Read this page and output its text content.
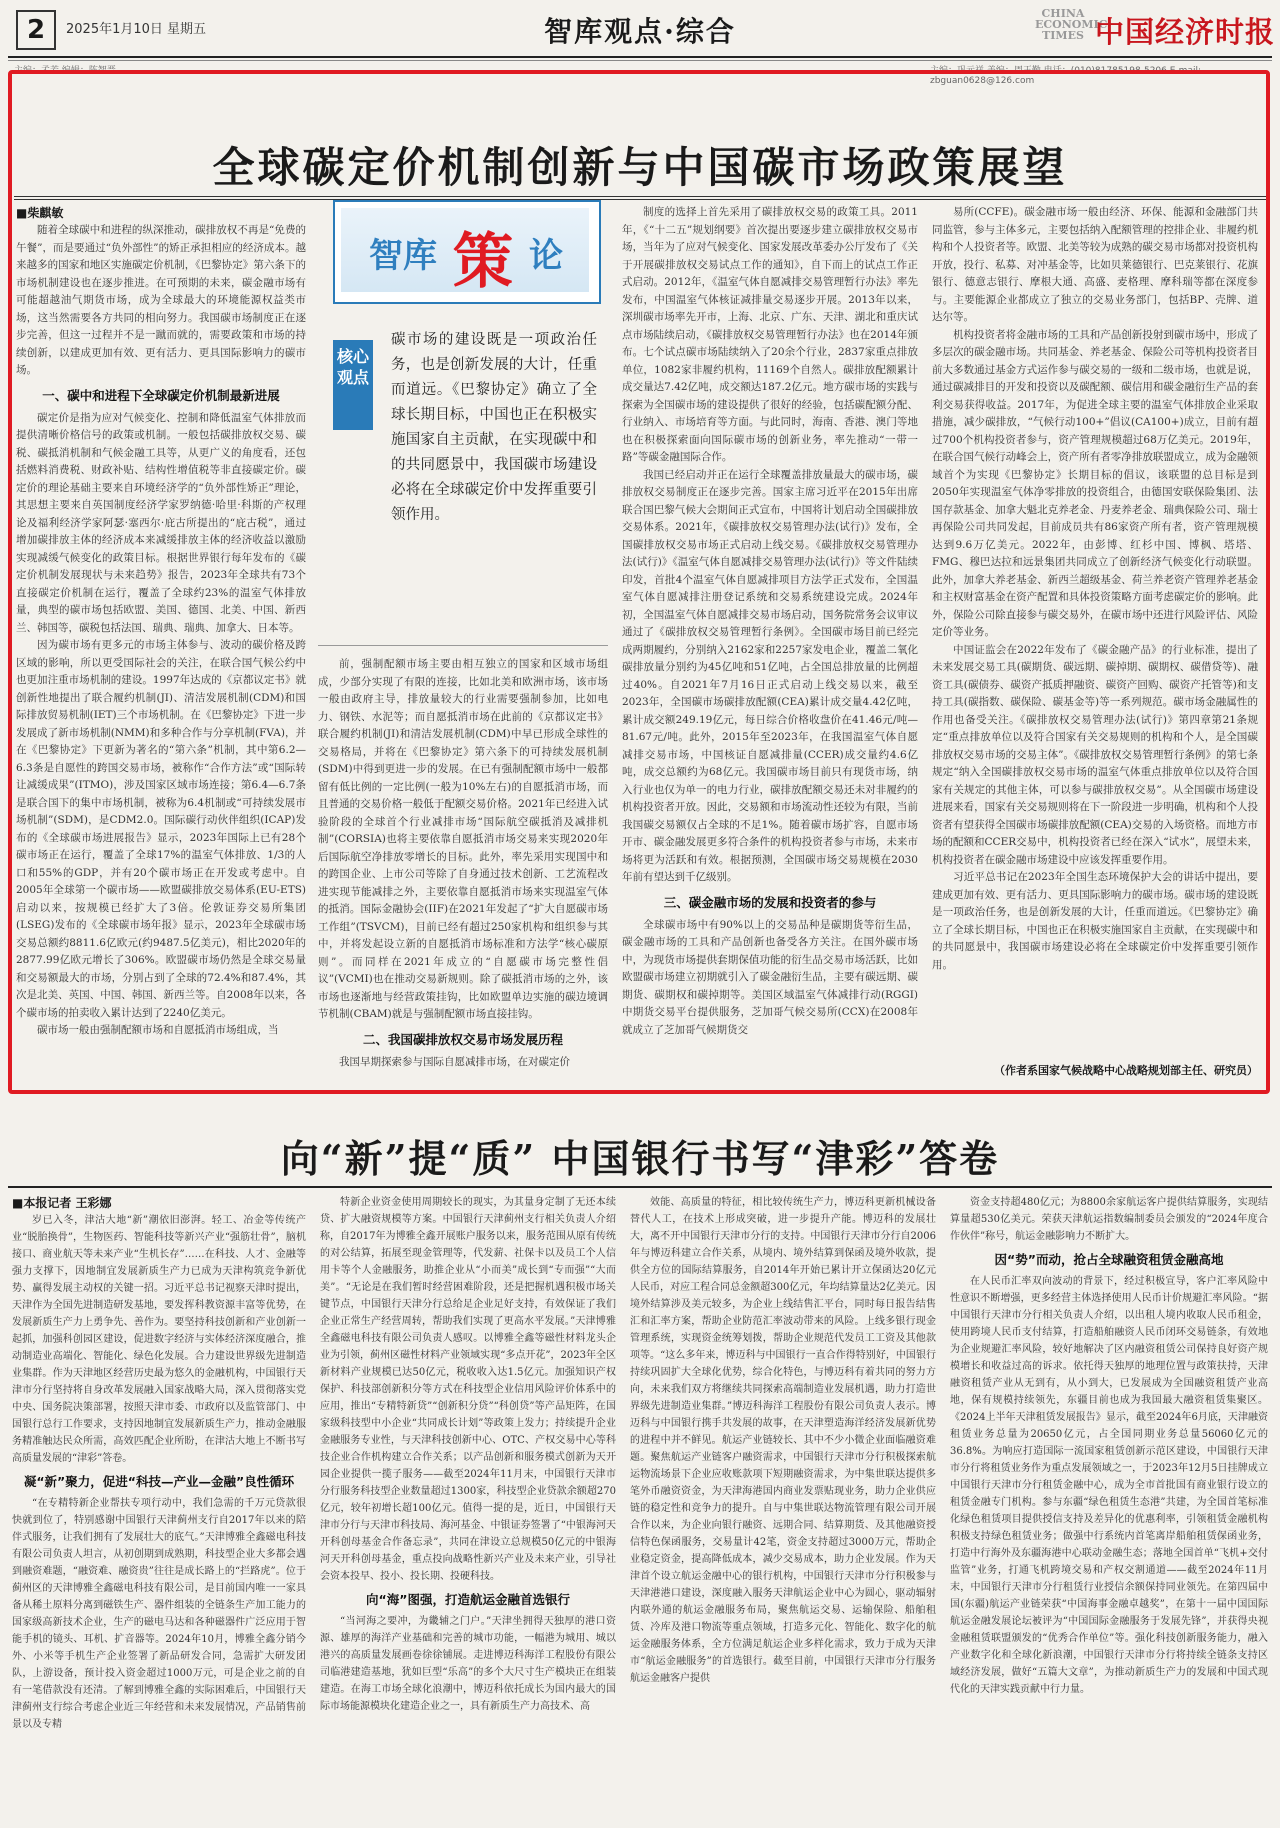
2	2025年1月10日 星期五	智库观点·综合
CHINA ECONOMIC TIMES 中国经济时报
主编：孟芳 编辑：陈智晋	主编：巩元祥 美编：周玉勤 电话：(010)81785198-5206 E-mail: zbguan0628@126.com
全球碳定价机制创新与中国碳市场政策展望
■柴麒敏

随着全球碳中和进程的纵深推动，碳排放权不再是“免费的午餐”，而是要通过“负外部性”的矫正承担相应的经济成本。越来越多的国家和地区实施碳定价机制，《巴黎协定》第六条下的市场机制建设也在逐步推进。在可预期的未来，碳金融市场有可能超越油气期货市场，成为全球最大的环境能源权益类市场，这当然需要各方共同的相向努力。我国碳市场制度正在逐步完善，但这一过程并不是一蹴而就的，需要政策和市场的持续创新，以建成更加有效、更有活力、更具国际影响力的碳市场。

一、碳中和进程下全球碳定价机制最新进展

碳定价是指为应对气候变化、控制和降低温室气体排放而提供清晰价格信号的政策或机制。一般包括碳排放权交易、碳税、碳抵消机制和气候金融工具等，从更广义的角度看，还包括燃料消费税、财政补贴、结构性增值税等非直接碳定价。碳定价的理论基础主要来自环境经济学的“负外部性矫正”理论，其思想主要来自英国制度经济学家罗纳德·哈里·科斯的产权理论及福利经济学家阿瑟·塞西尔·庇古所提出的“庇古税”，通过增加碳排放主体的经济成本来减缓排放主体的经济收益以激励实现减缓气候变化的政策目标。根据世界银行每年发布的《碳定价机制发展现状与未来趋势》报告，2023年全球共有73个直接碳定价机制在运行，覆盖了全球约23%的温室气体排放量，典型的碳市场包括欧盟、美国、德国、北美、中国、新西兰、韩国等，碳税包括法国、瑞典、瑞典、加拿大、日本等。

因为碳市场有更多元的市场主体参与、波动的碳价格及跨区域的影响，所以更受国际社会的关注，在联合国气候公约中也更加注重市场机制的建设。1997年达成的《京都议定书》就创新性地提出了联合履约机制(JI)、清洁发展机制(CDM)和国际排放贸易机制(IET)三个市场机制。在《巴黎协定》下进一步发展成了新市场机制(NMM)和多种合作与分享机制(FVA)，并在《巴黎协定》下更新为著名的“第六条”机制，其中第6.2—6.3条是自愿性的跨国交易市场，被称作“合作方法”或“国际转让减缓成果”(ITMO)，涉及国家区域市场连接；第6.4—6.7条是联合国下的集中市场机制，被称为6.4机制或“可持续发展市场机制”(SDM)，是CDM2.0。国际碳行动伙伴组织(ICAP)发布的《全球碳市场进展报告》显示，2023年国际上已有28个碳市场正在运行，覆盖了全球17%的温室气体排放、1/3的人口和55%的GDP，并有20个碳市场正在开发或考虑中。自2005年全球第一个碳市场——欧盟碳排放交易体系(EU-ETS)启动以来，按规模已经扩大了3倍。伦敦证券交易所集团(LSEG)发布的《全球碳市场年报》显示，2023年全球碳市场交易总额约8811.6亿欧元(约9487.5亿美元)，相比2020年的2877.99亿欧元增长了306%。欧盟碳市场仍然是全球交易量和交易额最大的市场，分别占到了全球的72.4%和87.4%，其次是北美、英国、中国、韩国、新西兰等。自2008年以来，各个碳市场的拍卖收入累计达到了2240亿美元。

碳市场一般由强制配额市场和自愿抵消市场组成，当

智库 策 论
核心观点
碳市场的建设既是一项政治任务，也是创新发展的大计，任重而道远。《巴黎协定》确立了全球长期目标，中国也正在积极实施国家自主贡献，在实现碳中和的共同愿景中，我国碳市场建设必将在全球碳定价中发挥重要引领作用。

前，强制配额市场主要由相互独立的国家和区域市场组成，少部分实现了有限的连接，比如北美和欧洲市场，该市场一般由政府主导，排放量较大的行业需要强制参加，比如电力、钢铁、水泥等；而自愿抵消市场在此前的《京都议定书》联合履约机制(JI)和清洁发展机制(CDM)中早已形成全球性的交易格局，并将在《巴黎协定》第六条下的可持续发展机制(SDM)中得到更进一步的发展。在已有强制配额市场中一般都留有低比例的一定比例(一般为10%左右)的自愿抵消市场，而且普通的交易价格一般低于配额交易价格。2021年已经进入试验阶段的全球首个行业减排市场“国际航空碳抵消及减排机制”(CORSIA)也将主要依靠自愿抵消市场交易来实现2020年后国际航空净排放零增长的目标。此外，率先采用实现国中和的跨国企业、上市公司等除了自身通过技术创新、工艺流程改进实现节能减排之外，主要依靠自愿抵消市场来实现温室气体的抵消。国际金融协会(IIF)在2021年发起了“扩大自愿碳市场工作组”(TSVCM)，目前已经有超过250家机构和组织参与其中，并将发起设立新的自愿抵消市场标准和方法学“核心碳原则”。而同样在2021年成立的“自愿碳市场完整性倡议”(VCMI)也在推动交易新规则。除了碳抵消市场的之外，该市场也逐渐地与经营政策挂钩，比如欧盟单边实施的碳边境调节机制(CBAM)就是与强制配额市场直接挂钩。

二、我国碳排放权交易市场发展历程

我国早期探索参与国际自愿减排市场，在对碳定价

制度的选择上首先采用了碳排放权交易的政策工具。2011年，《“十二五”规划纲要》首次提出要逐步建立碳排放权交易市场，当年为了应对气候变化、国家发展改革委办公厅发布了《关于开展碳排放权交易试点工作的通知》，自下而上的试点工作正式启动。2012年，《温室气体自愿减排交易管理暂行办法》率先发布，中国温室气体核证减排量交易逐步开展。2013年以来，深圳碳市场率先开市，上海、北京、广东、天津、湖北和重庆试点市场陆续启动，《碳排放权交易管理暂行办法》也在2014年颁布。七个试点碳市场陆续纳入了20余个行业，2837家重点排放单位，1082家非履约机构，11169个自然人。碳排放配额累计成交量达7.42亿吨，成交额达187.2亿元。地方碳市场的实践与探索为全国碳市场的建设提供了很好的经验，包括碳配额分配、行业纳入、市场培育等方面。与此同时，海南、香港、澳门等地也在积极探索面向国际碳市场的创新业务，率先推动“一带一路”等碳金融国际合作。

我国已经启动并正在运行全球覆盖排放量最大的碳市场，碳排放权交易制度正在逐步完善。国家主席习近平在2015年出席联合国巴黎气候大会期间正式宣布，中国将计划启动全国碳排放交易体系。2021年，《碳排放权交易管理办法(试行)》发布，全国碳排放权交易市场正式启动上线交易。《碳排放权交易管理办法(试行)》《温室气体自愿减排交易管理办法(试行)》等文件陆续印发，首批4个温室气体自愿减排项目方法学正式发布，全国温室气体自愿减排注册登记系统和交易系统建设完成。2024年初，全国温室气体自愿减排交易市场启动，国务院常务会议审议通过了《碳排放权交易管理暂行条例》。全国碳市场目前已经完成两期履约，分别纳入2162家和2257家发电企业，覆盖二氧化碳排放量分别约为45亿吨和51亿吨，占全国总排放量的比例超过40%。自2021年7月16日正式启动上线交易以来，截至2023年，全国碳市场碳排放配额(CEA)累计成交量4.42亿吨，累计成交额249.19亿元，每日综合价格收盘价在41.46元/吨—81.67元/吨。此外，2015年至2023年，在我国温室气体自愿减排交易市场，中国核证自愿减排量(CCER)成交量约4.6亿吨，成交总额约为68亿元。我国碳市场目前只有现货市场，纳入行业也仅为单一的电力行业，碳排放配额交易还未对非履约的机构投资者开放。因此，交易额和市场流动性还较为有限，当前我国碳交易额仅占全球的不足1%。随着碳市场扩容，自愿市场开市、碳金融发展更多符合条件的机构投资者参与市场，未来市场将更为活跃和有效。根据预测，全国碳市场交易规模在2030年前有望达到千亿级别。

三、碳金融市场的发展和投资者的参与

全球碳市场中有90%以上的交易品种是碳期货等衍生品，碳金融市场的工具和产品创新也备受各方关注。在国外碳市场中，为现货市场提供套期保值功能的衍生品交易市场活跃，比如欧盟碳市场建立初期就引入了碳金融衍生品，主要有碳远期、碳期货、碳期权和碳掉期等。美国区域温室气体减排行动(RGGI)中期货交易平台提供服务，芝加哥气候交易所(CCX)在2008年就成立了芝加哥气候期货交

易所(CCFE)。碳金融市场一般由经济、环保、能源和金融部门共同监管，参与主体多元，主要包括纳入配额管理的控排企业、非履约机构和个人投资者等。欧盟、北美等较为成熟的碳交易市场都对投资机构开放，投行、私募、对冲基金等，比如贝莱德银行、巴克莱银行、花旗银行、德意志银行、摩根大通、高盛、麦格理、摩科瑞等都在深度参与。主要能源企业都成立了独立的交易业务部门，包括BP、壳牌、道达尔等。

机构投资者将金融市场的工具和产品创新投射到碳市场中，形成了多层次的碳金融市场。共同基金、养老基金、保险公司等机构投资者目前大多数通过基金方式运作参与碳交易的一级和二级市场，也就是说，通过碳减排目的开发和投资以及碳配额、碳信用和碳金融衍生产品的套利交易获得收益。2017年，为促进全球主要的温室气体排放企业采取措施，减少碳排放，“气候行动100+”倡议(CA100+)成立，目前有超过700个机构投资者参与，资产管理规模超过68万亿美元。2019年，在联合国气候行动峰会上，资产所有者零净排放联盟成立，成为金融领域首个为实现《巴黎协定》长期目标的倡议，该联盟的总目标是到2050年实现温室气体净零排放的投资组合，由德国安联保险集团、法国存款基金、加拿大魁北克养老金、丹麦养老金、瑞典保险公司、瑞士再保险公司共同发起，目前成员共有86家资产所有者，资产管理规模达到9.6万亿美元。2022年，由彭博、红杉中国、博枫、塔塔、FMG、穆巴达拉和远景集团共同成立了创新经济气候变化行动联盟。此外，加拿大养老基金、新西兰超级基金、荷兰养老资产管理养老基金和主权财富基金在资产配置和具体投资策略方面考虑碳定价的影响。此外，保险公司除直接参与碳交易外，在碳市场中还进行风险评估、风险定价等业务。

中国证监会在2022年发布了《碳金融产品》的行业标准，提出了未来发展交易工具(碳期货、碳远期、碳掉期、碳期权、碳借贷等)、融资工具(碳债券、碳资产抵质押融资、碳资产回购、碳资产托管等)和支持工具(碳指数、碳保险、碳基金等)等一系列规范。碳市场金融属性的作用也备受关注。《碳排放权交易管理办法(试行)》第四章第21条规定“重点排放单位以及符合国家有关交易规则的机构和个人，是全国碳排放权交易市场的交易主体”。《碳排放权交易管理暂行条例》的第七条规定“纳入全国碳排放权交易市场的温室气体重点排放单位以及符合国家有关规定的其他主体，可以参与碳排放权交易”。从全国碳市场建设进展来看，国家有关交易规则将在下一阶段进一步明确，机构和个人投资者有望获得全国碳市场碳排放配额(CEA)交易的入场资格。而地方市场的配额和CCER交易中，机构投资者已经在深入“试水”，展望未来，机构投资者在碳金融市场建设中应该发挥重要作用。

习近平总书记在2023年全国生态环境保护大会的讲话中提出，要建成更加有效、更有活力、更具国际影响力的碳市场。碳市场的建设既是一项政治任务，也是创新发展的大计，任重而道远。《巴黎协定》确立了全球长期目标，中国也正在积极实施国家自主贡献，在实现碳中和的共同愿景中，我国碳市场建设必将在全球碳定价中发挥重要引领作用。

（作者系国家气候战略中心战略规划部主任、研究员）
向“新”提“质” 中国银行书写“津彩”答卷
■本报记者 王彩娜

岁已入冬，津沽大地“新”潮依旧澎湃。轻工、冶金等传统产业“脱胎换骨”，生物医药、智能科技等新兴产业“强筋壮骨”，脑机接口、商业航天等未来产业“生机长存”……在科技、人才、金融等强力支撑下，因地制宜发展新质生产力已成为天津构筑竞争新优势、赢得发展主动权的关键一招。习近平总书记视察天津时提出，天津作为全国先进制造研发基地，要发挥科教资源丰富等优势，在发展新质生产力上勇争先、善作为。要坚持科技创新和产业创新一起抓，加强科创园区建设，促进数字经济与实体经济深度融合，推动制造业高端化、智能化、绿色化发展。合力建设世界级先进制造业集群。作为天津地区经营历史最为悠久的金融机构，中国银行天津市分行坚持将自身改革发展融入国家战略大局，深入贯彻落实党中央、国务院决策部署，按照天津市委、市政府以及监管部门、中国银行总行工作要求，支持因地制宜发展新质生产力，推动金融服务精准触达民众所需，高效匹配企业所盼，在津沽大地上不断书写高质量发展的“津彩”答卷。

凝“新”聚力，促进“科技—产业—金融”良性循环

“在专精特新企业帮扶专项行动中，我们急需的千万元贷款很快就到位了，特别感谢中国银行天津蓟州支行自2017年以来的陪伴式服务，让我们拥有了发展壮大的底气。”天津博雅全鑫磁电科技有限公司负责人坦言，从初创期到成熟期，科技型企业大多都会遇到融资难题，“融资难、融资贵”往往是成长路上的“拦路虎”。位于蓟州区的天津博雅全鑫磁电科技有限公司，是目前国内唯一一家具备从稀土原料分离到磁铁生产、器件组装的全链条生产加工能力的国家级高新技术企业，生产的磁电马达和各种磁器件广泛应用于智能手机的镜头、耳机、扩音器等。2024年10月，博雅全鑫分销今外、小米等手机生产企业签署了新品研发合同，急需扩大研发团队，上游设备，预计投入资金超过1000万元，可是企业之前的自有一笔借款没有还清。了解到博雅全鑫的实际困难后，中国银行天津蓟州支行综合考虑企业近三年经营和未来发展情况，产品销售前景以及专精

特新企业资金使用周期较长的现实，为其量身定制了无还本续贷、扩大融资规模等方案。中国银行天津蓟州支行相关负责人介绍称，自2017年为博雅全鑫开展账户服务以来，服务范围从原有传统的对公结算，拓展至现金管理等，代发薪、社保卡以及员工个人信用卡等个人金融服务，助推企业从“小而美”成长到“专而强”“大而美”。“无论是在我们暂时经营困难阶段，还是把握机遇积极市场关键节点，中国银行天津分行总给足企业足好支持，有效保证了我们企业正常生产经营周转，帮助我们实现了更高水平发展。”天津博雅全鑫磁电科技有限公司负责人感叹。以博雅全鑫等磁性材料龙头企业为引领，蓟州区磁性材料产业领域实现“多点开花”，2023年全区新材料产业规模已达50亿元，税收收入达1.5亿元。加强知识产权保护、科技部创新积分等方式在科技型企业信用风险评价体系中的应用，推出“专精特新贷”“创新积分贷”“科创贷”等产品矩阵，在国家级科技型中小企业“共同成长计划”等政策上发力；持续提升企业金融服务专业性，与天津科技创新中心、OTC、产权交易中心等科技企业合作机构建立合作关系；以产品创新和服务模式创新为天开园企业提供一揽子服务——截至2024年11月末，中国银行天津市分行服务科技型企业数量超过1300家，科技型企业贷款余额超270亿元，较年初增长超100亿元。值得一提的是，近日，中国银行天津市分行与天津市科技局、海河基金、中银证券签署了“中银海河天开科创母基金合作备忘录”，共同在津设立总规模50亿元的中银海河天开科创母基金，重点投向战略性新兴产业及未来产业，引导社会资本投早、投小、投长期、投硬科技。

向“海”图强，打造航运金融首选银行

“当河海之要冲，为畿辅之门户。”天津坐拥得天独厚的港口资源、雄厚的海洋产业基础和完善的城市功能，一幅港为城用、城以港兴的高质量发展画卷徐徐铺展。走进博迈科海洋工程股份有限公司临港建造基地，犹如巨型“乐高”的多个大尺寸生产模块正在组装建造。在海工市场全球化浪潮中，博迈科依托成长为国内最大的国际市场能源模块化建造企业之一，具有新质生产力高技术、高

效能、高质量的特征，相比较传统生产力，博迈科更新机械设备替代人工，在技术上形成突破，进一步提升产能。博迈科的发展壮大，离不开中国银行天津市分行的支持。中国银行天津市分行自2006年与博迈科建立合作关系，从境内、境外结算到保函及境外收款，提供全方位的国际结算服务，自2014年开始已累计开立保函达20亿元人民币，对应工程合同总金额超300亿元，年均结算量达2亿美元。因境外结算涉及美元较多，为企业上线结售汇平台，同时每日报告结售汇和汇率方案，帮助企业防范汇率波动带来的风险。上线多银行现金管理系统，实现资金统筹划拨，帮助企业规范代发员工工资及其他款项等。“这么多年来，博迈科与中国银行一直合作得特别好，中国银行持续巩固扩大全球化优势，综合化特色，与博迈科有着共同的努力方向，未来我们双方将继续共同探索高端制造业发展机遇，助力打造世界级先进制造业集群。”博迈科海洋工程股份有限公司负责人表示。博迈科与中国银行携手共发展的故事，在天津塑造海洋经济发展新优势的进程中并不鲜见。航运产业链较长、其中不少小微企业面临融资难题。聚焦航运产业链客户融资需求，中国银行天津市分行积极探索航运物流场景下企业应收账款项下短期融资需求，为中集世联达提供多笔外币融资资金，为天津海港国内商业发票贴现业务，助力企业供应链的稳定性和竞争力的提升。自与中集世联达物流管理有限公司开展合作以来，为企业向银行融资、远期合同、结算期货、及其他融资授信特色保函服务，交易量计42笔，资金支持超过3000万元，帮助企业稳定资金，提高降低成本，减少交易成本，助力企业发展。作为天津首个设立航运金融中心的银行机构，中国银行天津市分行积极参与天津港港口建设，深度融入服务天津航运企业中心为圆心，驱动辐射内联外通的航运金融服务布局，聚焦航运交易、运输保险、船舶租赁、冷库及港口物流等重点领域，打造多元化、智能化、数字化的航运金融服务体系，全方位满足航运企业多样化需求，致力于成为天津市“航运金融服务”的首选银行。截至目前，中国银行天津市分行服务航运金融客户提供

资金支持超480亿元；为8800余家航运客户提供结算服务，实现结算量超530亿美元。荣获天津航运指数编制委员会颁发的“2024年度合作伙伴”称号，航运金融影响力不断扩大。

因“势”而动，抢占全球融资租赁金融高地

在人民币汇率双向波动的背景下，经过积极宣导，客户汇率风险中性意识不断增强，更多经营主体选择使用人民币计价规避汇率风险。“据中国银行天津市分行相关负责人介绍，以出租人境内收取人民币租金，使用跨境人民币支付结算，打造船舶融资人民币闭环交易链条，有效地为企业规避汇率风险，较好地解决了区内融资租赁公司保持良好资产规模增长和收益过高的诉求。依托得天独厚的地理位置与政策扶持，天津融资租赁产业从无到有，从小到大，已发展成为全国融资租赁产业高地，保有规模持续领先，东疆目前也成为我国最大融资租赁集聚区。《2024上半年天津租赁发展报告》显示，截至2024年6月底，天津融资租赁业务总量为20650亿元，占全国同期业务总量56060亿元的36.8%。为响应打造国际一流国家租赁创新示范区建设，中国银行天津市分行将租赁业务作为重点发展领域之一，于2023年12月5日挂牌成立中国银行天津市分行租赁金融中心，成为全市首批国有商业银行设立的租赁金融专门机构。参与东疆“绿色租赁生态港”共建，为全国首笔标准化绿色租赁项目提供授信支持及差异化的优惠利率，引领租赁金融机构积极支持绿色租赁业务；做强中行系统内首笔离岸船舶租赁保函业务，打造中行海外及东疆海港中心联动金融生态；落地全国首单“飞机+交付监管”业务，打通飞机跨境交易和产权交割通道——截至2024年11月末，中国银行天津市分行租赁行业授信余额保持同业领先。在第四届中国(东疆)航运产业链荣获“中国海事金融卓越奖”，在第十一届中国国际航运金融发展论坛被评为“中国国际金融服务于发展先锋”，并获得央视金融租赁联盟颁发的“优秀合作单位”等。强化科技创新服务能力，融入产业数字化和全球化新浪潮，中国银行天津市分行将持续全链条支持区域经济发展，做好“五篇大文章”，为推动新质生产力的发展和中国式现代化的天津实践贡献中行力量。
